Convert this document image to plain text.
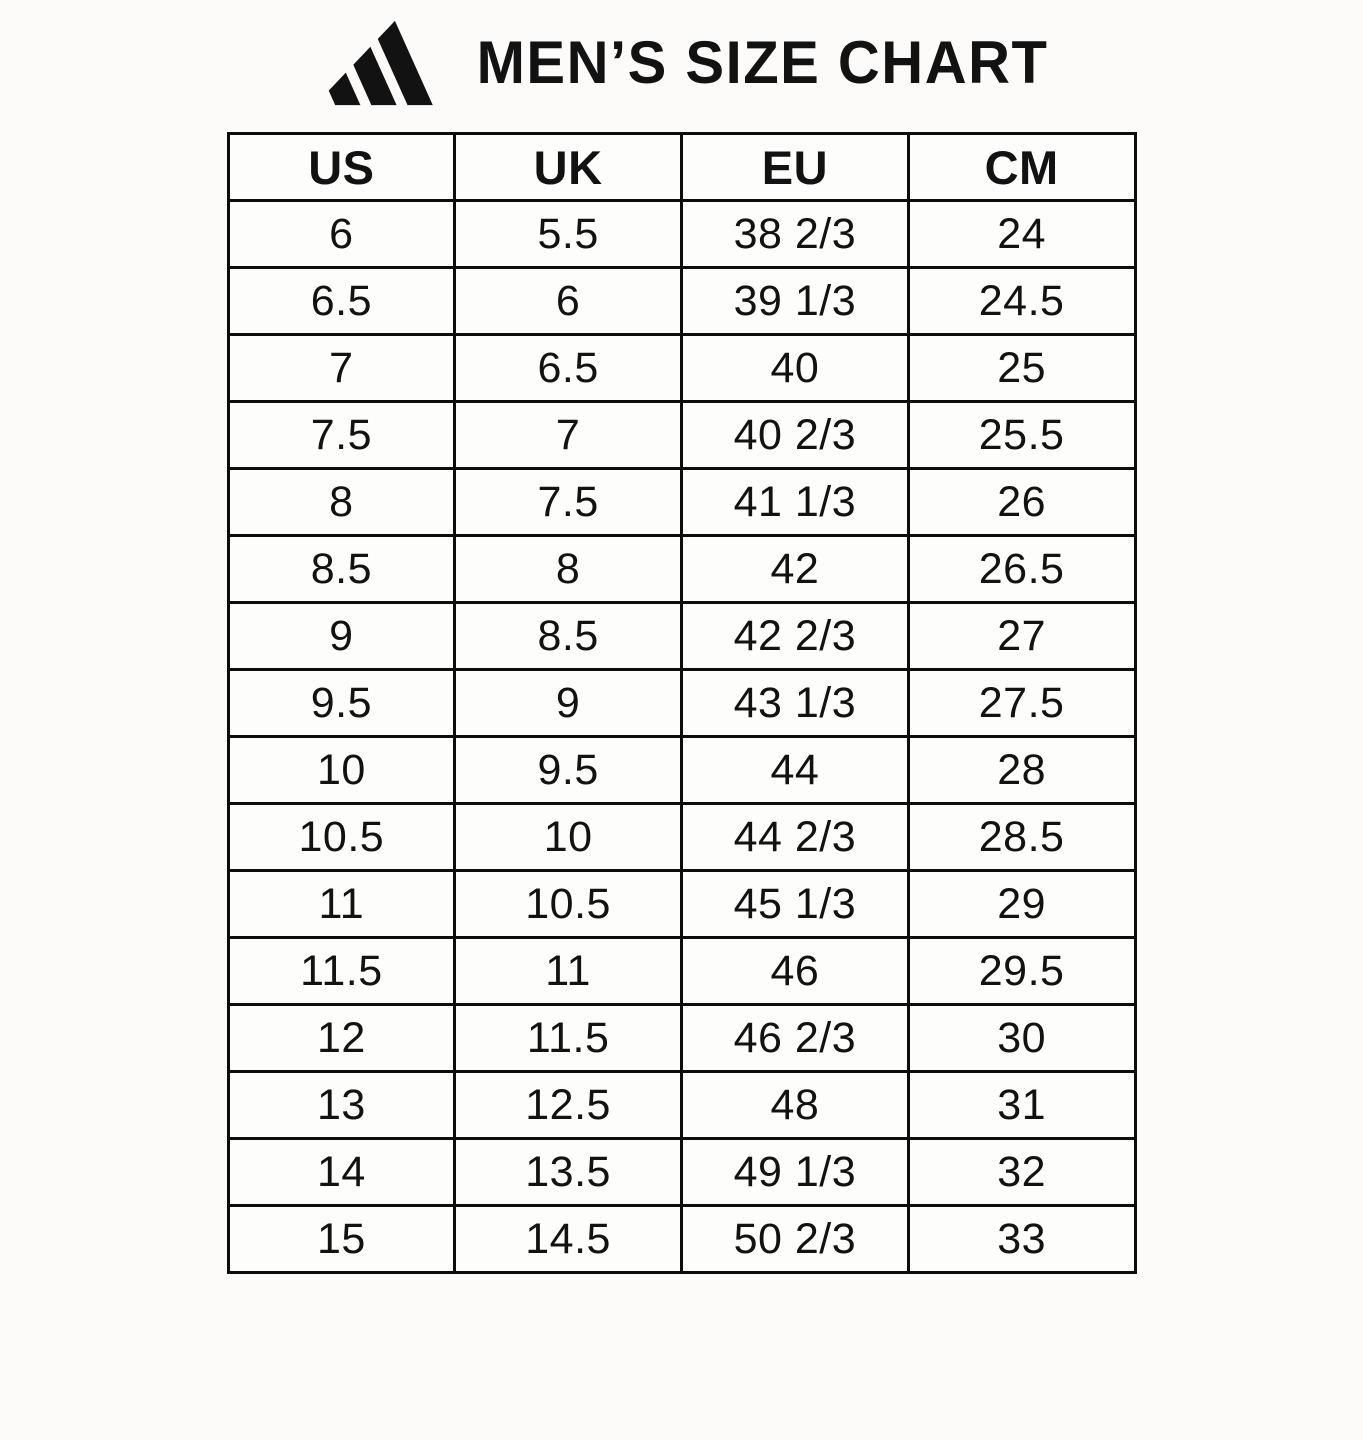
MEN’S SIZE CHART
US	UK	EU	CM
6	5.5	38 2/3	24
6.5	6	39 1/3	24.5
7	6.5	40	25
7.5	7	40 2/3	25.5
8	7.5	41 1/3	26
8.5	8	42	26.5
9	8.5	42 2/3	27
9.5	9	43 1/3	27.5
10	9.5	44	28
10.5	10	44 2/3	28.5
11	10.5	45 1/3	29
11.5	11	46	29.5
12	11.5	46 2/3	30
13	12.5	48	31
14	13.5	49 1/3	32
15	14.5	50 2/3	33
